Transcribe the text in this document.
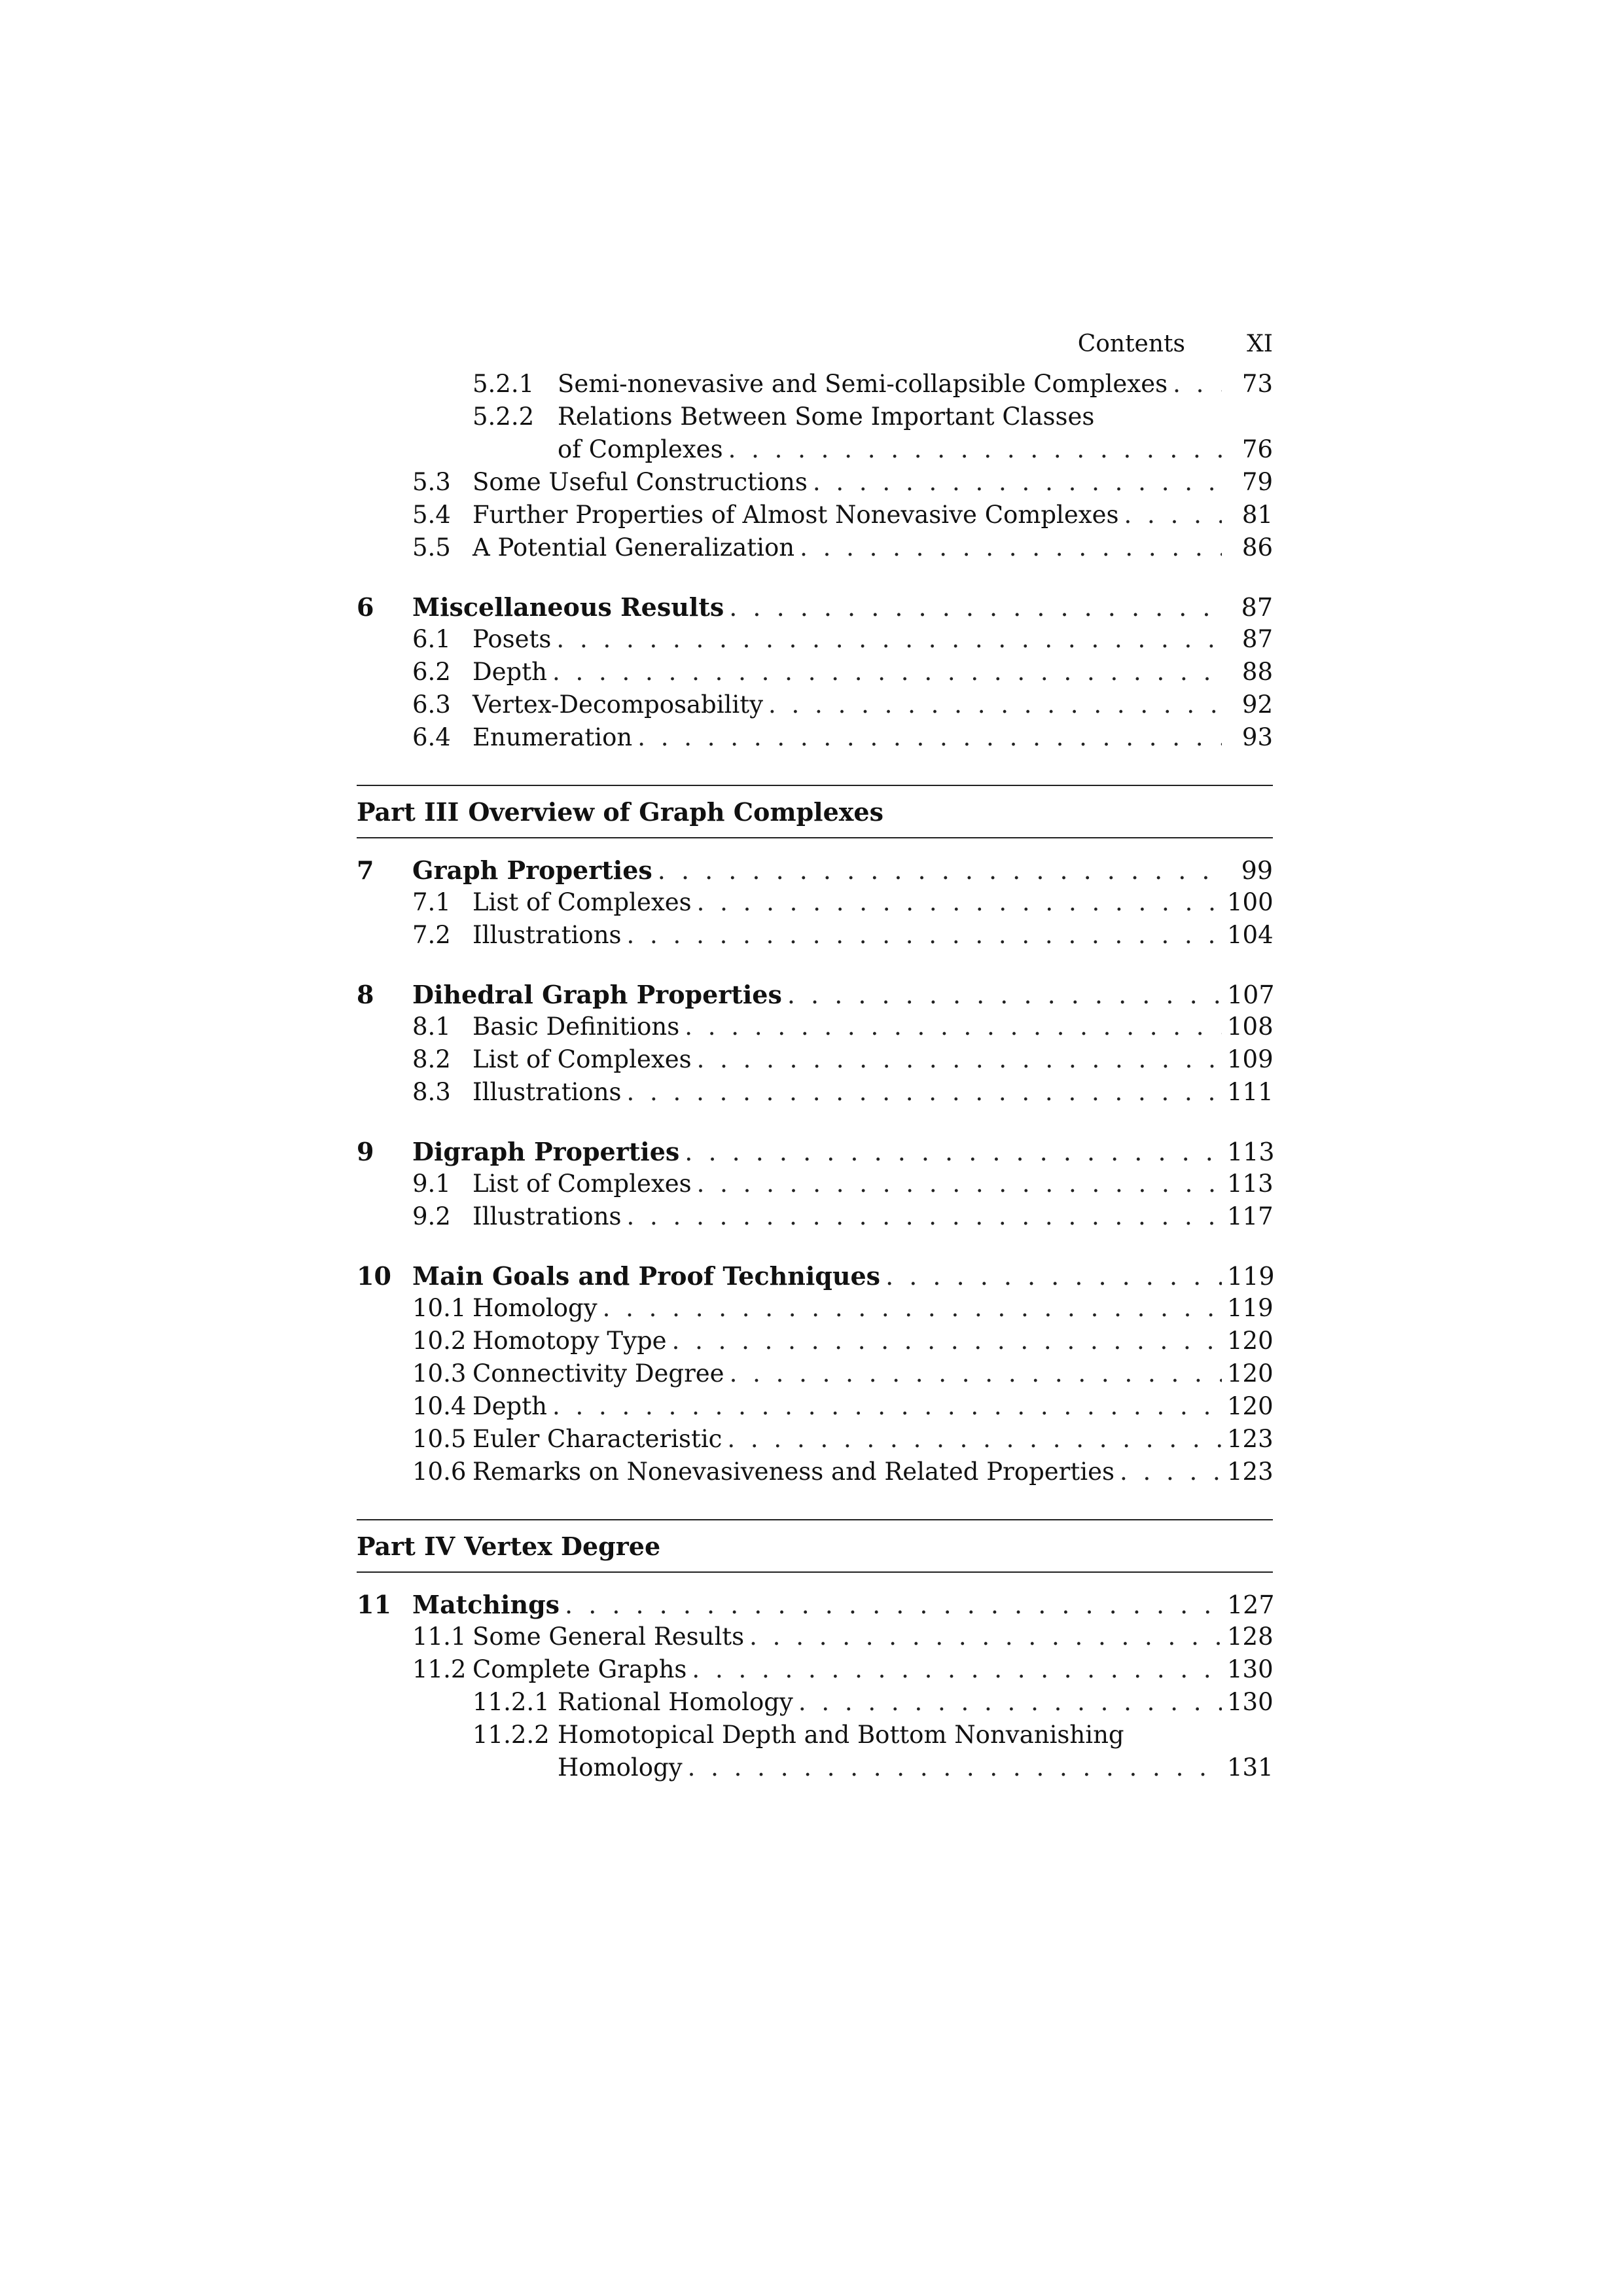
Contents	XI
5.2.1 Semi-nonevasive and Semi-collapsible Complexes . . .	73
5.2.2 Relations Between Some Important Classes
of Complexes . . .	76
5.3 Some Useful Constructions . . .	79
5.4 Further Properties of Almost Nonevasive Complexes . . .	81
5.5 A Potential Generalization . . .	86
6	Miscellaneous Results . . .	87
6.1 Posets . . .	87
6.2 Depth . . .	88
6.3 Vertex-Decomposability . . .	92
6.4 Enumeration . . .	93
Part III Overview of Graph Complexes
7	Graph Properties . . .	99
7.1 List of Complexes . . .	100
7.2 Illustrations . . .	104
8	Dihedral Graph Properties . . .	107
8.1 Basic Definitions . . .	108
8.2 List of Complexes . . .	109
8.3 Illustrations . . .	111
9	Digraph Properties . . .	113
9.1 List of Complexes . . .	113
9.2 Illustrations . . .	117
10 Main Goals and Proof Techniques . . .	119
10.1 Homology . . .	119
10.2 Homotopy Type . . .	120
10.3 Connectivity Degree . . .	120
10.4 Depth . . .	120
10.5 Euler Characteristic . . .	123
10.6 Remarks on Nonevasiveness and Related Properties . . .	123
Part IV Vertex Degree
11 Matchings . . .	127
11.1 Some General Results . . .	128
11.2 Complete Graphs . . .	130
11.2.1 Rational Homology . . .	130
11.2.2 Homotopical Depth and Bottom Nonvanishing
Homology . . .	131
